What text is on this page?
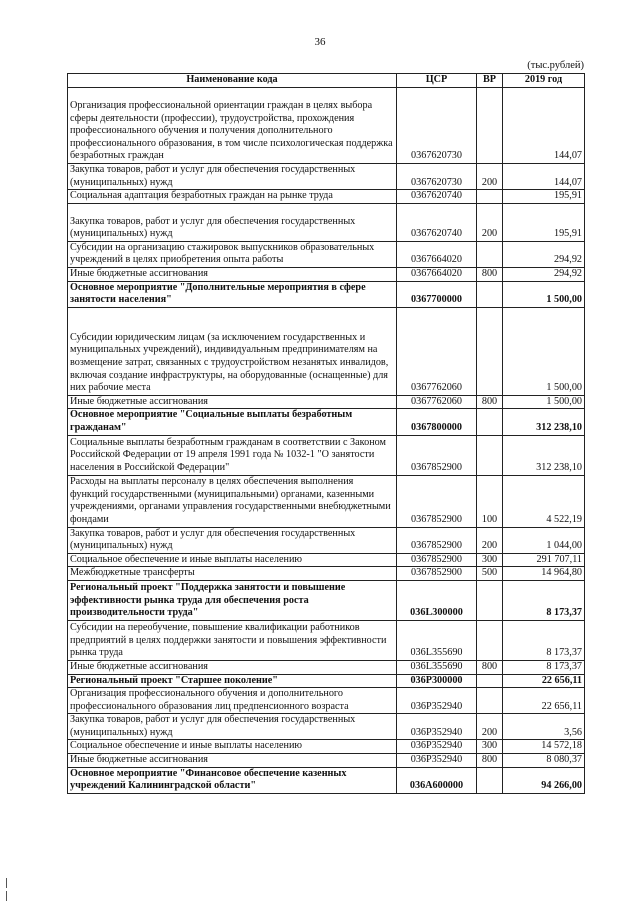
36
(тыс.рублей)
Наименование кода	ЦСР	ВР	2019 год
Организация профессиональной ориентации граждан в целях выбора сферы деятельности (профессии), трудоустройства, прохождения профессионального обучения и получения дополнительного профессионального образования, в том числе психологическая поддержка безработных граждан	0367620730		144,07
Закупка товаров, работ и услуг для обеспечения государственных (муниципальных) нужд	0367620730	200	144,07
Социальная адаптация безработных граждан на рынке труда	0367620740		195,91
Закупка товаров, работ и услуг для обеспечения государственных (муниципальных) нужд	0367620740	200	195,91
Субсидии на организацию стажировок выпускников образовательных учреждений в целях приобретения опыта работы	0367664020		294,92
Иные бюджетные ассигнования	0367664020	800	294,92
Основное мероприятие "Дополнительные мероприятия в сфере занятости населения"	0367700000		1 500,00
Субсидии юридическим лицам (за исключением государственных и муниципальных учреждений), индивидуальным предпринимателям на возмещение затрат, связанных с трудоустройством незанятых инвалидов, включая создание инфраструктуры, на оборудованные (оснащенные) для них рабочие места	0367762060		1 500,00
Иные бюджетные ассигнования	0367762060	800	1 500,00
Основное мероприятие "Социальные выплаты безработным гражданам"	0367800000		312 238,10
Социальные выплаты безработным гражданам в соответствии с Законом Российской Федерации от 19 апреля 1991 года № 1032-1 "О занятости населения в Российской Федерации"	0367852900		312 238,10
Расходы на выплаты персоналу в целях обеспечения выполнения функций государственными (муниципальными) органами, казенными учреждениями, органами управления государственными внебюджетными фондами	0367852900	100	4 522,19
Закупка товаров, работ и услуг для обеспечения государственных (муниципальных) нужд	0367852900	200	1 044,00
Социальное обеспечение и иные выплаты населению	0367852900	300	291 707,11
Межбюджетные трансферты	0367852900	500	14 964,80
Региональный проект "Поддержка занятости и повышение эффективности рынка труда для обеспечения роста производительности труда"	036L300000		8 173,37
Субсидии на переобучение, повышение квалификации работников предприятий в целях поддержки занятости и повышения эффективности рынка труда	036L355690		8 173,37
Иные бюджетные ассигнования	036L355690	800	8 173,37
Региональный проект "Старшее поколение"	036P300000		22 656,11
Организация профессионального обучения и дополнительного профессионального образования лиц предпенсионного возраста	036P352940		22 656,11
Закупка товаров, работ и услуг для обеспечения государственных (муниципальных) нужд	036P352940	200	3,56
Социальное обеспечение и иные выплаты населению	036P352940	300	14 572,18
Иные бюджетные ассигнования	036P352940	800	8 080,37
Основное мероприятие "Финансовое обеспечение казенных учреждений Калининградской области"	036А600000		94 266,00
